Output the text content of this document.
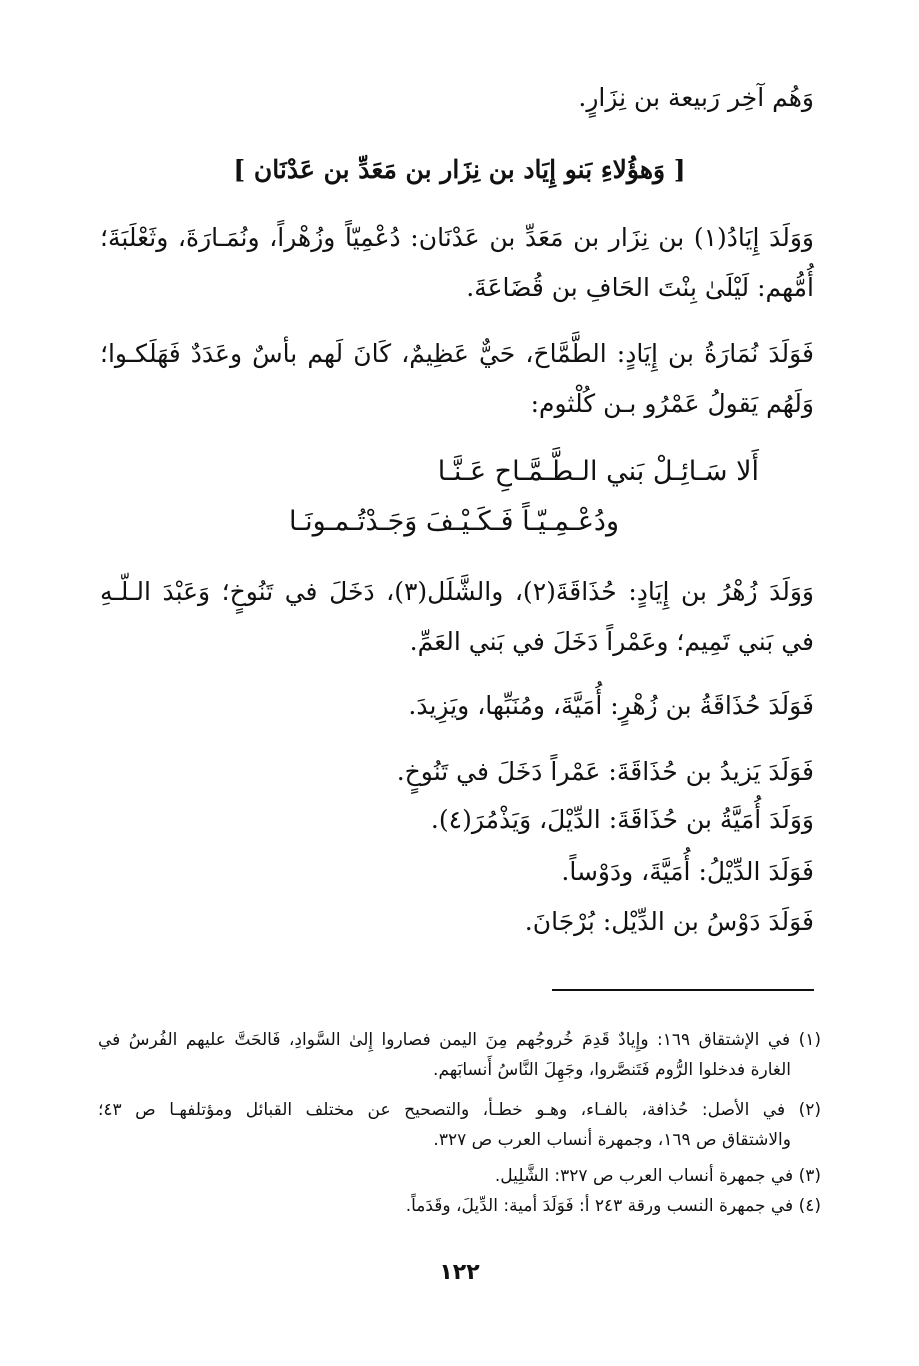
وَهُم آخِر رَبيعة بن نِزَارٍ.
[ وَهؤُلاءِ بَنو إِيَاد بن نِزَار بن مَعَدِّ بن عَدْنَان ]
وَوَلَدَ إِيَادُ(١) بن نِزَار بن مَعَدِّ بن عَدْنَان: دُعْمِيّاً وزُهْراً، ونُمَـارَةَ، وثَعْلَبَةَ؛
أُمُّهم: لَيْلَىٰ بِنْتَ الحَافِ بن قُضَاعَةَ.
فَوَلَدَ نُمَارَةُ بن إِيَادٍ: الطَّمَّاحَ، حَيٌّ عَظِيمٌ، كَانَ لَهم بأسٌ وعَدَدٌ فَهَلَكـوا؛
وَلَهُم يَقولُ عَمْرُو بـن كُلْثوم:
أَلا سَـائِـلْ بَني الـطَّـمَّـاحِ عَـنَّـا
ودُعْـمِـيّـاً فَـكَـيْـفَ وَجَـدْتُـمـونَـا
وَوَلَدَ زُهْرُ بن إِيَادٍ: حُذَاقَةَ(٢)، والشَّلَل(٣)، دَخَلَ في تَنُوخٍ؛ وَعَبْدَ الـلّـهِ
في بَني تَمِيم؛ وعَمْراً دَخَلَ في بَني العَمِّ.
فَوَلَدَ حُذَاقَةُ بن زُهْرٍ: أُمَيَّةَ، ومُنَبِّها، ويَزِيدَ.
فَوَلَدَ يَزيدُ بن حُذَاقَةَ: عَمْراً دَخَلَ في تَنُوخٍ.
وَوَلَدَ أُمَيَّةُ بن حُذَاقَةَ: الدِّيْلَ، وَيَذْمُرَ(٤).
فَوَلَدَ الدِّيْلُ: أُمَيَّةَ، ودَوْساً.
فَوَلَدَ دَوْسُ بن الدِّيْل: بُرْجَانَ.
(١) في الإشتقاق ١٦٩: وإِيادٌ قَدِمَ خُروجُهم مِنَ اليمن فصاروا إِلىٰ السَّوادِ، فَالحَتَّ عليهم الفُرسُ في
الغارة فدخلوا الرُّوم فَتَنصَّروا، وجَهِلَ النَّاسُ أَنسابَهم.
(٢) في الأصل: حُذافة، بالفـاء، وهـو خطـأ، والتصحيح عن مختلف القبائل ومؤتلفهـا ص ٤٣؛
والاشتقاق ص ١٦٩، وجمهرة أنساب العرب ص ٣٢٧.
(٣) في جمهرة أنساب العرب ص ٣٢٧: الشَّلِيل.
(٤) في جمهرة النسب ورقة ٢٤٣ أ: فَوَلَدَ أمية: الدِّيلَ، وقَدَماً.
١٢٢
